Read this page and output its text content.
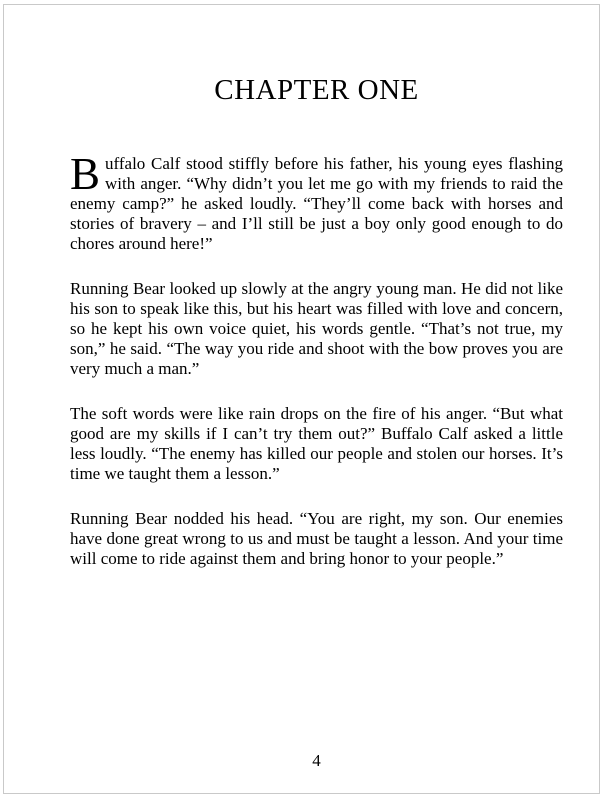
CHAPTER ONE

Buffalo Calf stood stiffly before his father, his young eyes flashing with anger. “Why didn’t you let me go with my friends to raid the enemy camp?” he asked loudly. “They’ll come back with horses and stories of bravery – and I’ll still be just a boy only good enough to do chores around here!”

Running Bear looked up slowly at the angry young man. He did not like his son to speak like this, but his heart was filled with love and concern, so he kept his own voice quiet, his words gentle. “That’s not true, my son,” he said. “The way you ride and shoot with the bow proves you are very much a man.”

The soft words were like rain drops on the fire of his anger. “But what good are my skills if I can’t try them out?” Buffalo Calf asked a little less loudly. “The enemy has killed our people and stolen our horses. It’s time we taught them a lesson.”

Running Bear nodded his head. “You are right, my son. Our enemies have done great wrong to us and must be taught a lesson. And your time will come to ride against them and bring honor to your people.”

4
